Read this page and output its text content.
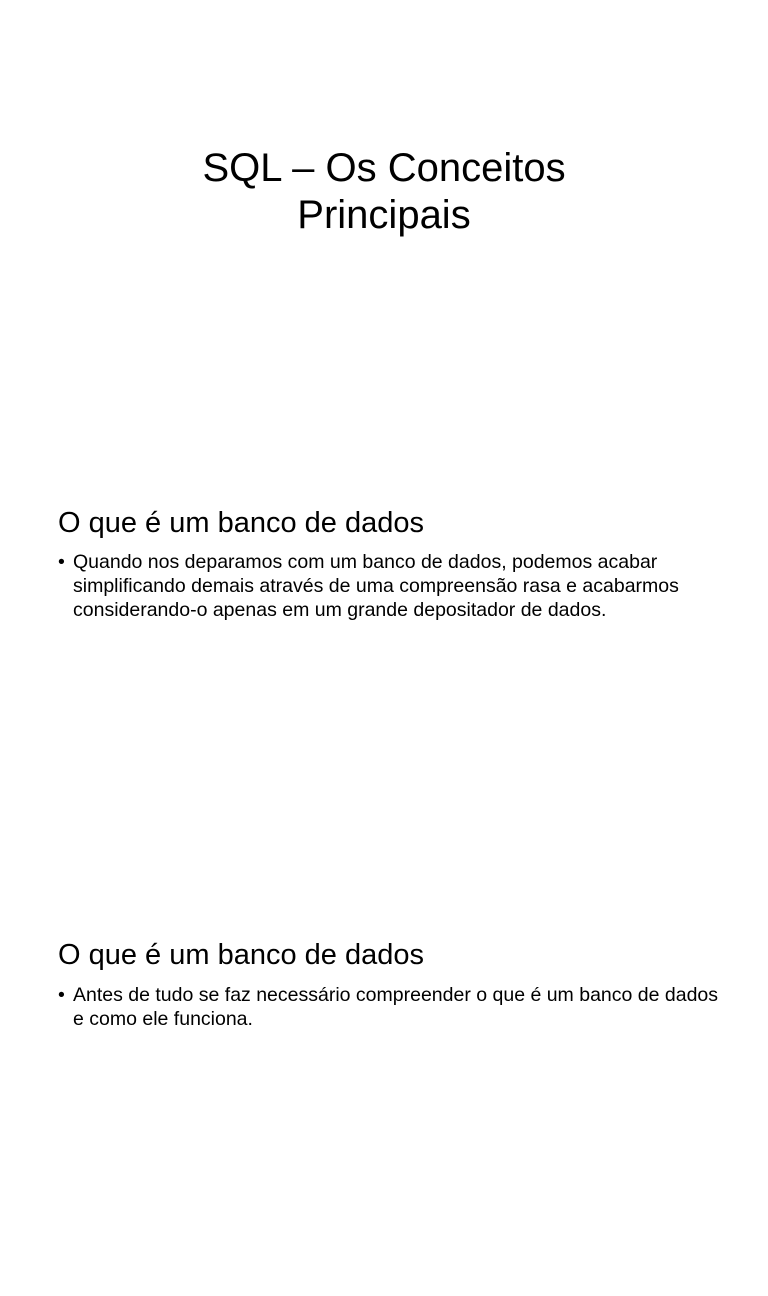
SQL – Os Conceitos
Principais
O que é um banco de dados
• Quando nos deparamos com um banco de dados, podemos acabar simplificando demais através de uma compreensão rasa e acabarmos considerando-o apenas em um grande depositador de dados.
O que é um banco de dados
• Antes de tudo se faz necessário compreender o que é um banco de dados e como ele funciona.
